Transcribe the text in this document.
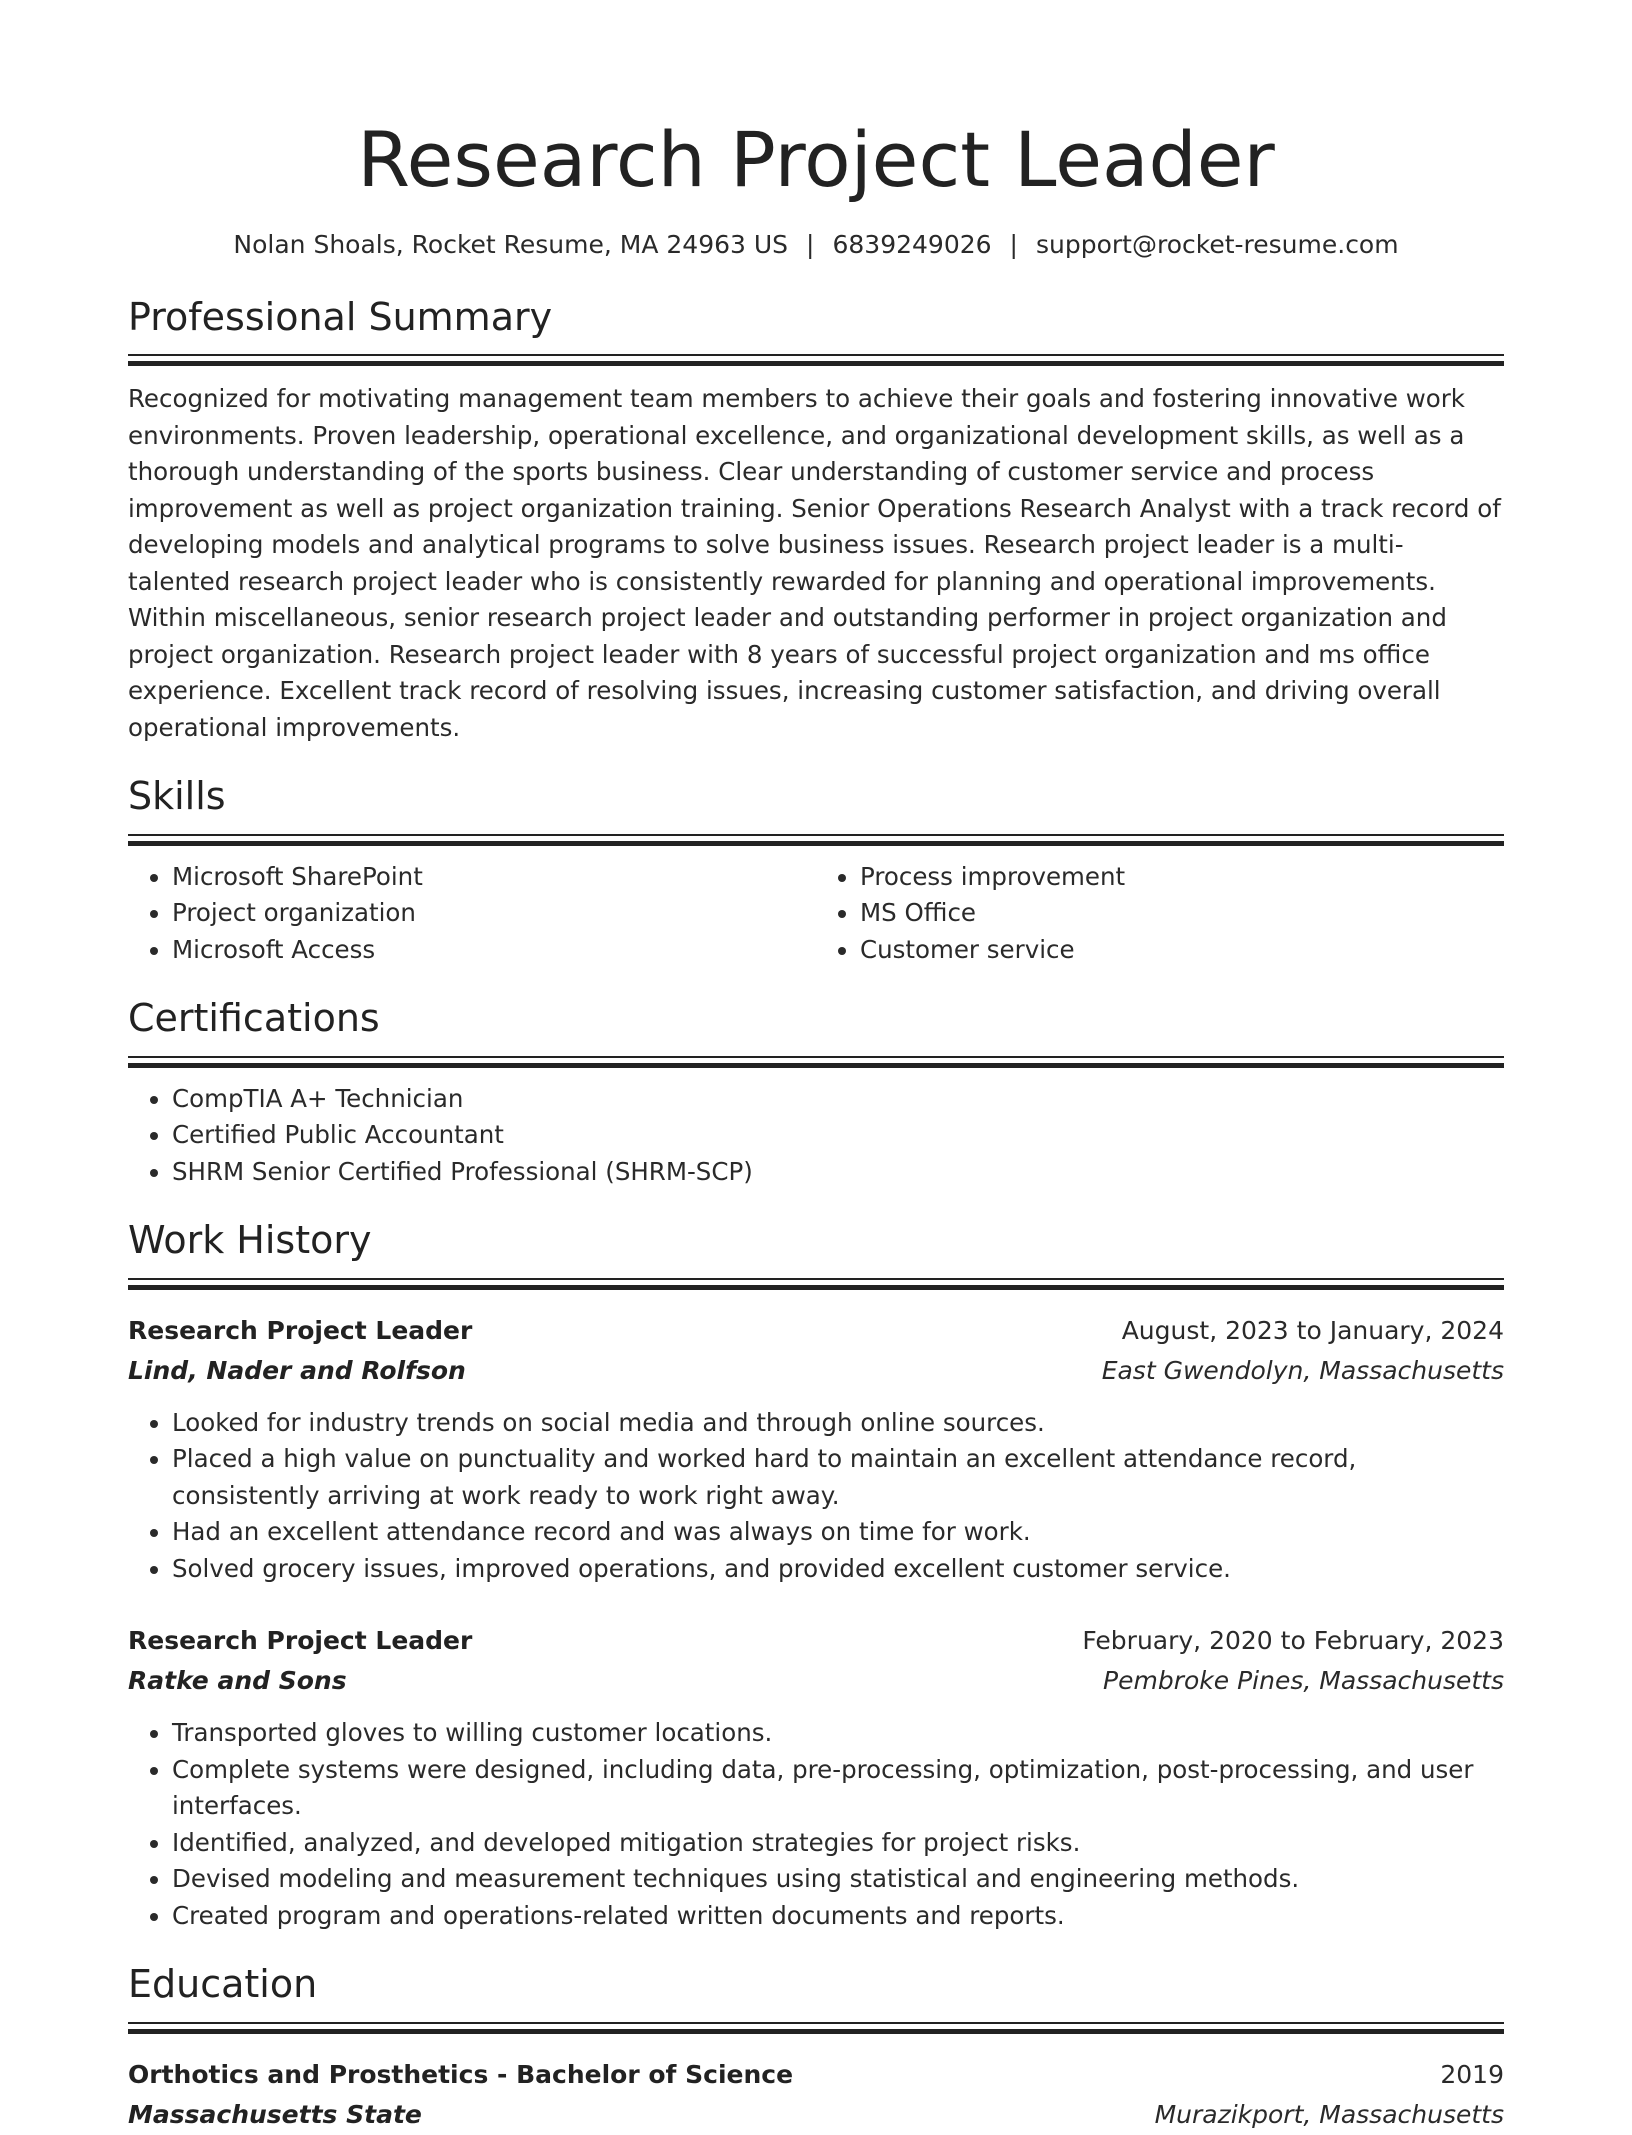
Research Project Leader
Nolan Shoals, Rocket Resume, MA 24963 US | 6839249026 | support@rocket-resume.com
Professional Summary
Recognized for motivating management team members to achieve their goals and fostering innovative work environments. Proven leadership, operational excellence, and organizational development skills, as well as a thorough understanding of the sports business. Clear understanding of customer service and process improvement as well as project organization training. Senior Operations Research Analyst with a track record of developing models and analytical programs to solve business issues. Research project leader is a multi-talented research project leader who is consistently rewarded for planning and operational improvements. Within miscellaneous, senior research project leader and outstanding performer in project organization and project organization. Research project leader with 8 years of successful project organization and ms office experience. Excellent track record of resolving issues, increasing customer satisfaction, and driving overall operational improvements.
Skills
• Microsoft SharePoint
• Project organization
• Microsoft Access
• Process improvement
• MS Office
• Customer service
Certifications
• CompTIA A+ Technician
• Certified Public Accountant
• SHRM Senior Certified Professional (SHRM-SCP)
Work History
Research Project Leader	August, 2023 to January, 2024
Lind, Nader and Rolfson	East Gwendolyn, Massachusetts
• Looked for industry trends on social media and through online sources.
• Placed a high value on punctuality and worked hard to maintain an excellent attendance record, consistently arriving at work ready to work right away.
• Had an excellent attendance record and was always on time for work.
• Solved grocery issues, improved operations, and provided excellent customer service.
Research Project Leader	February, 2020 to February, 2023
Ratke and Sons	Pembroke Pines, Massachusetts
• Transported gloves to willing customer locations.
• Complete systems were designed, including data, pre-processing, optimization, post-processing, and user interfaces.
• Identified, analyzed, and developed mitigation strategies for project risks.
• Devised modeling and measurement techniques using statistical and engineering methods.
• Created program and operations-related written documents and reports.
Education
Orthotics and Prosthetics - Bachelor of Science	2019
Massachusetts State	Murazikport, Massachusetts
